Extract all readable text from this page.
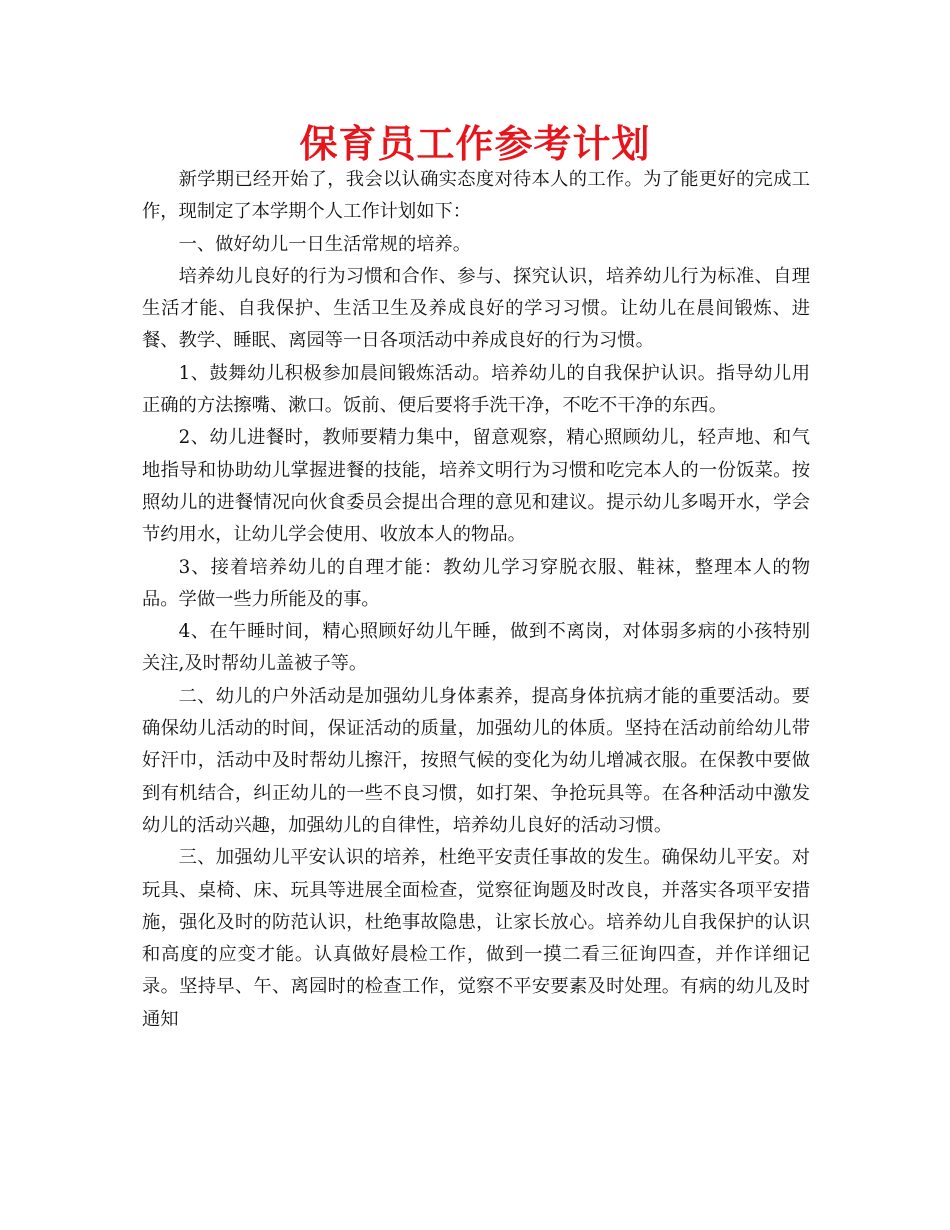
保育员工作参考计划

新学期已经开始了，我会以认确实态度对待本人的工作。为了能更好的完成工作，现制定了本学期个人工作计划如下：

一、做好幼儿一日生活常规的培养。

培养幼儿良好的行为习惯和合作、参与、探究认识，培养幼儿行为标准、自理生活才能、自我保护、生活卫生及养成良好的学习习惯。让幼儿在晨间锻炼、进餐、教学、睡眠、离园等一日各项活动中养成良好的行为习惯。

1、鼓舞幼儿积极参加晨间锻炼活动。培养幼儿的自我保护认识。指导幼儿用正确的方法擦嘴、漱口。饭前、便后要将手洗干净，不吃不干净的东西。

2、幼儿进餐时，教师要精力集中，留意观察，精心照顾幼儿，轻声地、和气地指导和协助幼儿掌握进餐的技能，培养文明行为习惯和吃完本人的一份饭菜。按照幼儿的进餐情况向伙食委员会提出合理的意见和建议。提示幼儿多喝开水，学会节约用水，让幼儿学会使用、收放本人的物品。

3、接着培养幼儿的自理才能：教幼儿学习穿脱衣服、鞋袜，整理本人的物品。学做一些力所能及的事。

4、在午睡时间，精心照顾好幼儿午睡，做到不离岗，对体弱多病的小孩特别关注,及时帮幼儿盖被子等。

二、幼儿的户外活动是加强幼儿身体素养，提高身体抗病才能的重要活动。要确保幼儿活动的时间，保证活动的质量，加强幼儿的体质。坚持在活动前给幼儿带好汗巾，活动中及时帮幼儿擦汗，按照气候的变化为幼儿增减衣服。在保教中要做到有机结合，纠正幼儿的一些不良习惯，如打架、争抢玩具等。在各种活动中激发幼儿的活动兴趣，加强幼儿的自律性，培养幼儿良好的活动习惯。

三、加强幼儿平安认识的培养，杜绝平安责任事故的发生。确保幼儿平安。对玩具、桌椅、床、玩具等进展全面检查，觉察征询题及时改良，并落实各项平安措施，强化及时的防范认识，杜绝事故隐患，让家长放心。培养幼儿自我保护的认识和高度的应变才能。认真做好晨检工作，做到一摸二看三征询四查，并作详细记录。坚持早、午、离园时的检查工作，觉察不平安要素及时处理。有病的幼儿及时通知
